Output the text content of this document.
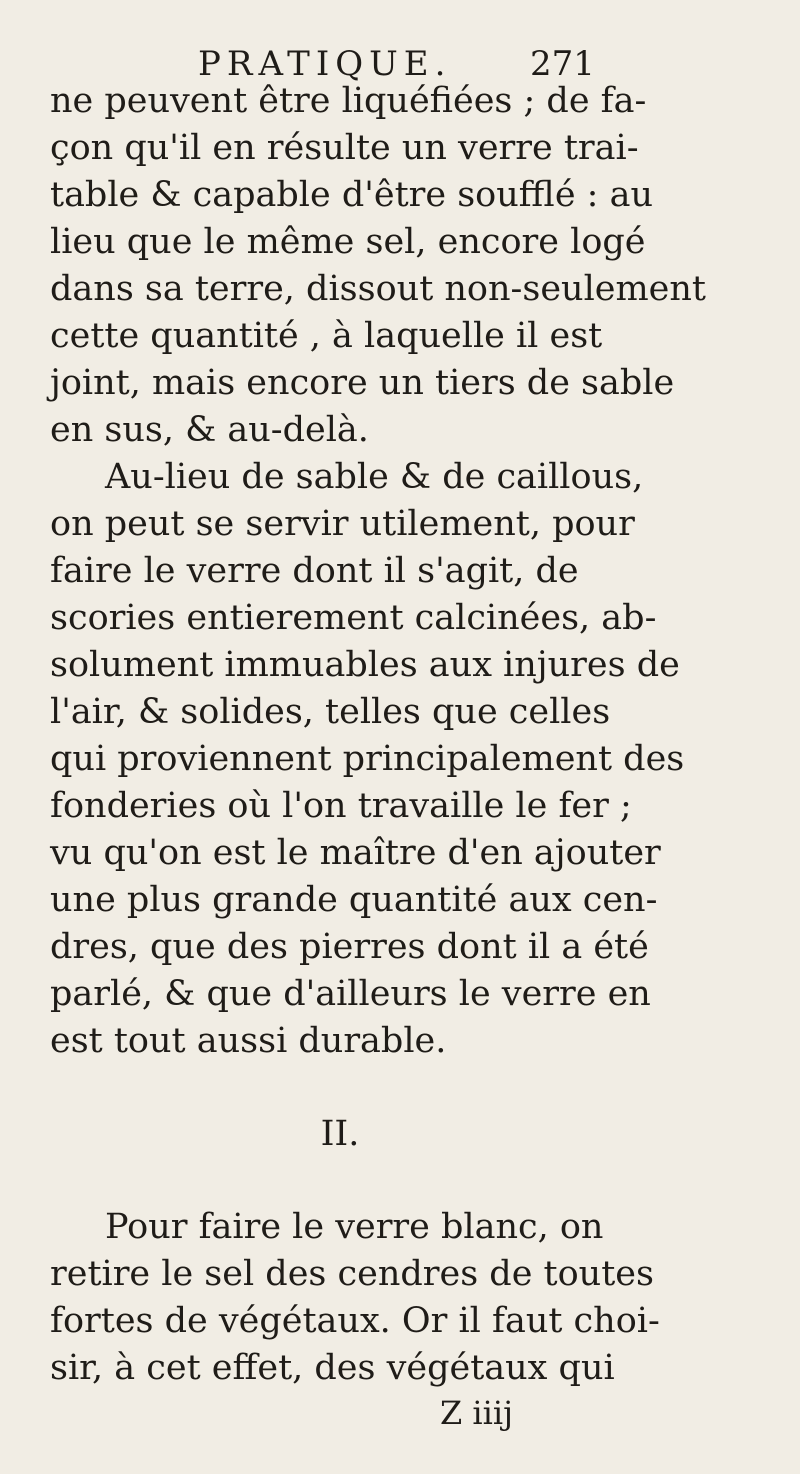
PRATIQUE. 271
ne peuvent être liquéfiées ; de fa-
çon qu'il en résulte un verre trai-
table & capable d'être soufflé : au
lieu que le même sel, encore logé
dans sa terre, dissout non-seulement
cette quantité , à laquelle il est
joint, mais encore un tiers de sable
en sus, & au-delà.
Au-lieu de sable & de caillous,
on peut se servir utilement, pour
faire le verre dont il s'agit, de
scories entierement calcinées, ab-
solument immuables aux injures de
l'air, & solides, telles que celles
qui proviennent principalement des
fonderies où l'on travaille le fer ;
vu qu'on est le maître d'en ajouter
une plus grande quantité aux cen-
dres, que des pierres dont il a été
parlé, & que d'ailleurs le verre en
est tout aussi durable.
II.
Pour faire le verre blanc, on
retire le sel des cendres de toutes
fortes de végétaux. Or il faut choi-
sir, à cet effet, des végétaux qui
Z iiij
